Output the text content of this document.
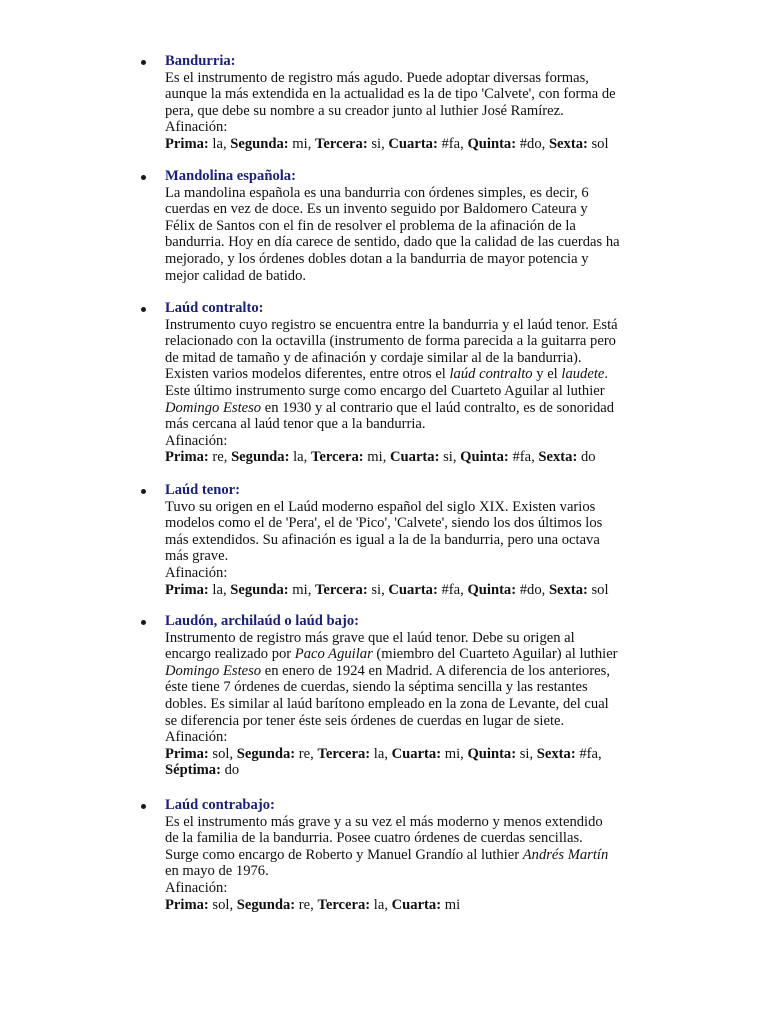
Bandurria:
Es el instrumento de registro más agudo. Puede adoptar diversas formas,
aunque la más extendida en la actualidad es la de tipo 'Calvete', con forma de
pera, que debe su nombre a su creador junto al luthier José Ramírez.
Afinación:
Prima: la, Segunda: mi, Tercera: si, Cuarta: #fa, Quinta: #do, Sexta: sol
Mandolina española:
La mandolina española es una bandurria con órdenes simples, es decir, 6
cuerdas en vez de doce. Es un invento seguido por Baldomero Cateura y
Félix de Santos con el fin de resolver el problema de la afinación de la
bandurria. Hoy en día carece de sentido, dado que la calidad de las cuerdas ha
mejorado, y los órdenes dobles dotan a la bandurria de mayor potencia y
mejor calidad de batido.
Laúd contralto:
Instrumento cuyo registro se encuentra entre la bandurria y el laúd tenor. Está
relacionado con la octavilla (instrumento de forma parecida a la guitarra pero
de mitad de tamaño y de afinación y cordaje similar al de la bandurria).
Existen varios modelos diferentes, entre otros el laúd contralto y el laudete.
Este último instrumento surge como encargo del Cuarteto Aguilar al luthier
Domingo Esteso en 1930 y al contrario que el laúd contralto, es de sonoridad
más cercana al laúd tenor que a la bandurria.
Afinación:
Prima: re, Segunda: la, Tercera: mi, Cuarta: si, Quinta: #fa, Sexta: do
Laúd tenor:
Tuvo su origen en el Laúd moderno español del siglo XIX. Existen varios
modelos como el de 'Pera', el de 'Pico', 'Calvete', siendo los dos últimos los
más extendidos. Su afinación es igual a la de la bandurria, pero una octava
más grave.
Afinación:
Prima: la, Segunda: mi, Tercera: si, Cuarta: #fa, Quinta: #do, Sexta: sol
Laudón, archilaúd o laúd bajo:
Instrumento de registro más grave que el laúd tenor. Debe su origen al
encargo realizado por Paco Aguilar (miembro del Cuarteto Aguilar) al luthier
Domingo Esteso en enero de 1924 en Madrid. A diferencia de los anteriores,
éste tiene 7 órdenes de cuerdas, siendo la séptima sencilla y las restantes
dobles. Es similar al laúd barítono empleado en la zona de Levante, del cual
se diferencia por tener éste seis órdenes de cuerdas en lugar de siete.
Afinación:
Prima: sol, Segunda: re, Tercera: la, Cuarta: mi, Quinta: si, Sexta: #fa,
Séptima: do
Laúd contrabajo:
Es el instrumento más grave y a su vez el más moderno y menos extendido
de la familia de la bandurria. Posee cuatro órdenes de cuerdas sencillas.
Surge como encargo de Roberto y Manuel Grandío al luthier Andrés Martín
en mayo de 1976.
Afinación:
Prima: sol, Segunda: re, Tercera: la, Cuarta: mi
